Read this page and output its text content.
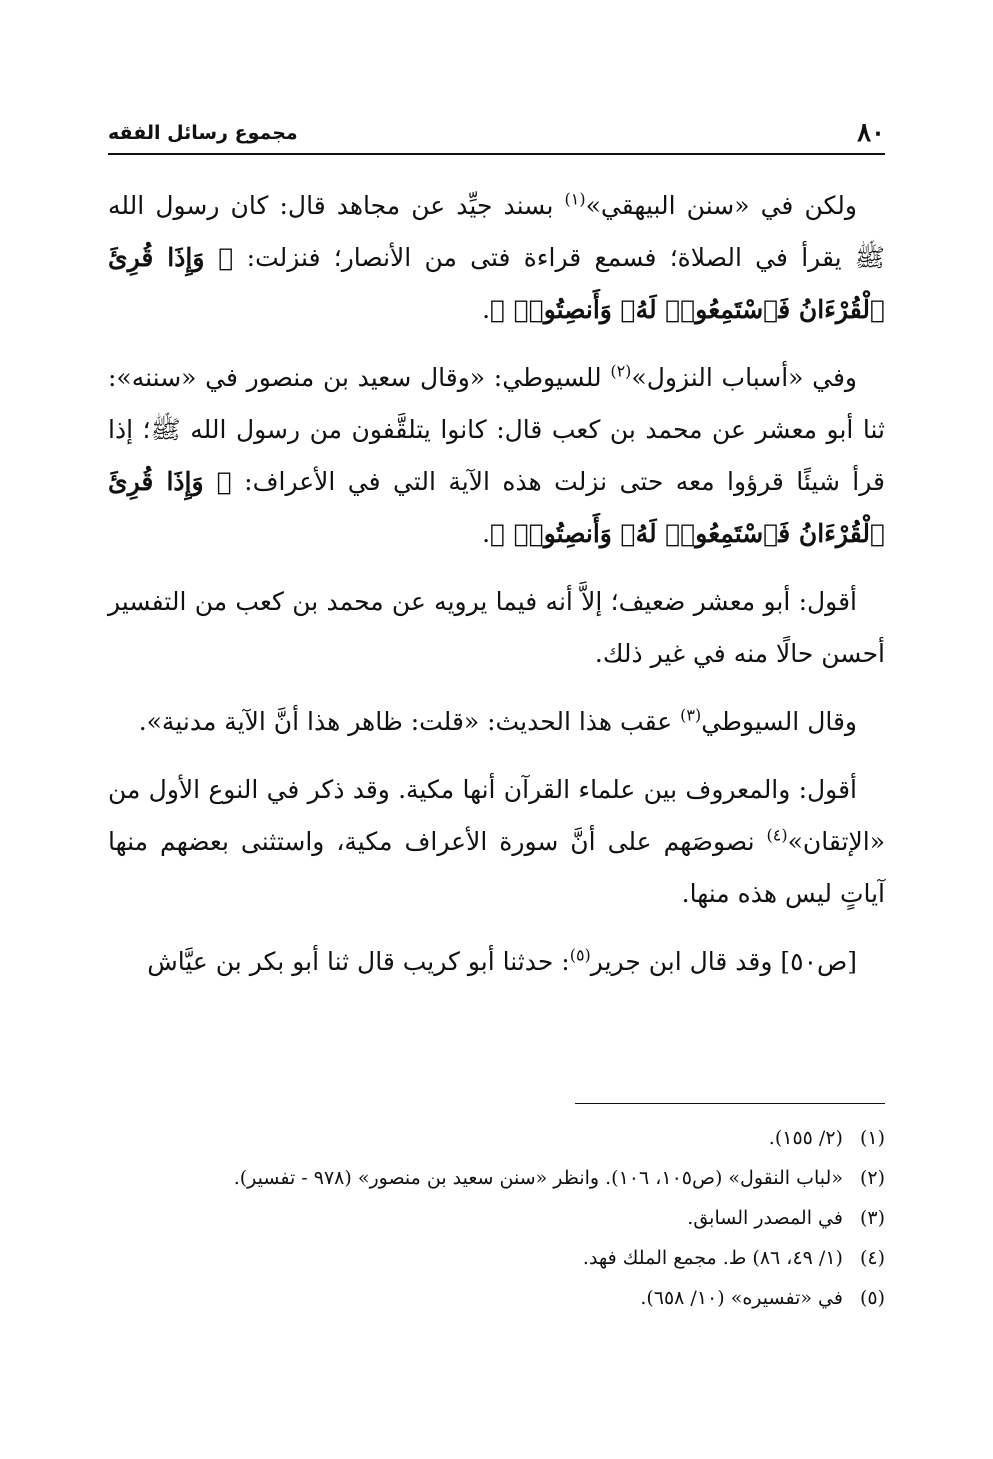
٨٠
مجموع رسائل الفقه

ولكن في «سنن البيهقي»$^{(١)}$ بسند جيِّد عن مجاهد قال: كان رسول الله ﷺ يقرأ في الصلاة؛ فسمع قراءة فتى من الأنصار؛ فنزلت: ﴿ وَإِذَا قُرِئَ ٱلْقُرْءَانُ فَٱسْتَمِعُوا۟ لَهُۥ وَأَنصِتُوا۟ ﴾.

وفي «أسباب النزول»$^{(٢)}$ للسيوطي: «وقال سعيد بن منصور في «سننه»: ثنا أبو معشر عن محمد بن كعب قال: كانوا يتلقَّفون من رسول الله ﷺ؛ إذا قرأ شيئًا قرؤوا معه حتى نزلت هذه الآية التي في الأعراف: ﴿ وَإِذَا قُرِئَ ٱلْقُرْءَانُ فَٱسْتَمِعُوا۟ لَهُۥ وَأَنصِتُوا۟ ﴾.

أقول: أبو معشر ضعيف؛ إلاَّ أنه فيما يرويه عن محمد بن كعب من التفسير أحسن حالًا منه في غير ذلك.

وقال السيوطي$^{(٣)}$ عقب هذا الحديث: «قلت: ظاهر هذا أنَّ الآية مدنية».

أقول: والمعروف بين علماء القرآن أنها مكية. وقد ذكر في النوع الأول من «الإتقان»$^{(٤)}$ نصوصَهم على أنَّ سورة الأعراف مكية، واستثنى بعضهم منها آياتٍ ليس هذه منها.

[ص٥٠] وقد قال ابن جرير$^{(٥)}$: حدثنا أبو كريب قال ثنا أبو بكر بن عيَّاش

(١) (٢/ ١٥٥).
(٢) «لباب النقول» (ص١٠٥، ١٠٦). وانظر «سنن سعيد بن منصور» (٩٧٨ - تفسير).
(٣) في المصدر السابق.
(٤) (١/ ٤٩، ٨٦) ط. مجمع الملك فهد.
(٥) في «تفسيره» (١٠/ ٦٥٨).
